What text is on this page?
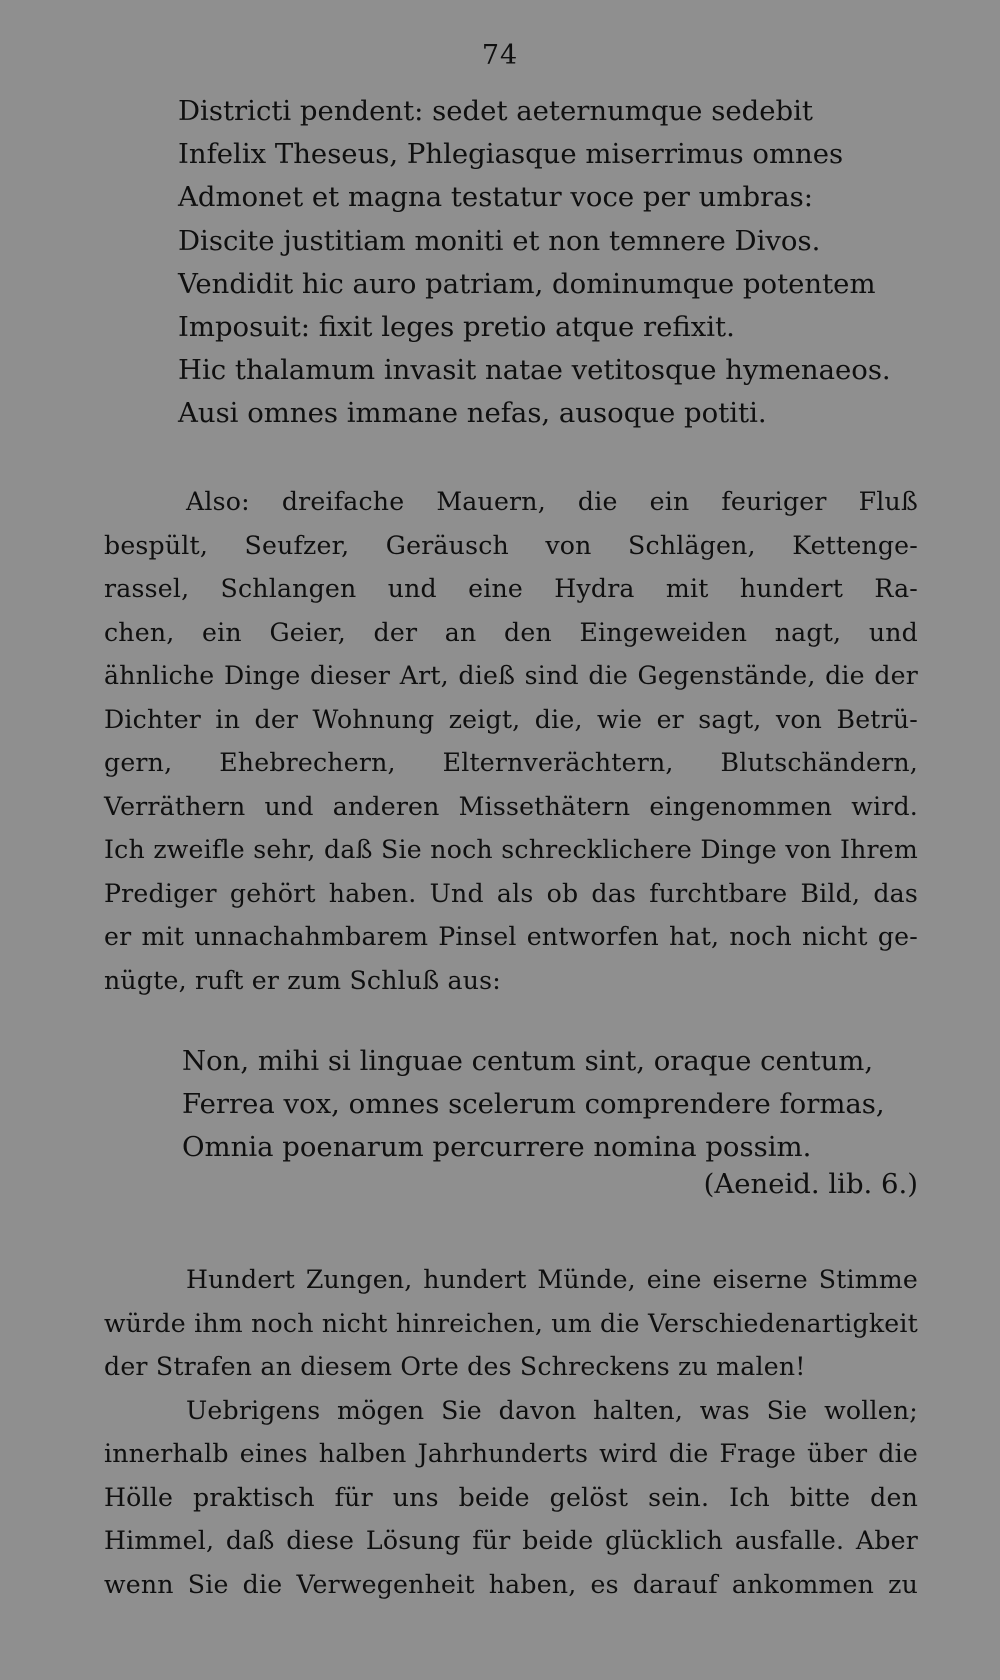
74
Districti pendent: sedet aeternumque sedebit
Infelix Theseus, Phlegiasque miserrimus omnes
Admonet et magna testatur voce per umbras:
Discite justitiam moniti et non temnere Divos.
Vendidit hic auro patriam, dominumque potentem
Imposuit: fixit leges pretio atque refixit.
Hic thalamum invasit natae vetitosque hymenaeos.
Ausi omnes immane nefas, ausoque potiti.
Also: dreifache Mauern, die ein feuriger Fluß
bespült, Seufzer, Geräusch von Schlägen, Kettenge-
rassel, Schlangen und eine Hydra mit hundert Ra-
chen, ein Geier, der an den Eingeweiden nagt, und
ähnliche Dinge dieser Art, dieß sind die Gegenstände, die der
Dichter in der Wohnung zeigt, die, wie er sagt, von Betrü-
gern, Ehebrechern, Elternverächtern, Blutschändern,
Verräthern und anderen Missethätern eingenommen wird.
Ich zweifle sehr, daß Sie noch schrecklichere Dinge von Ihrem
Prediger gehört haben. Und als ob das furchtbare Bild, das
er mit unnachahmbarem Pinsel entworfen hat, noch nicht ge-
nügte, ruft er zum Schluß aus:
Non, mihi si linguae centum sint, oraque centum,
Ferrea vox, omnes scelerum comprendere formas,
Omnia poenarum percurrere nomina possim.
(Aeneid. lib. 6.)
Hundert Zungen, hundert Münde, eine eiserne Stimme
würde ihm noch nicht hinreichen, um die Verschiedenartigkeit
der Strafen an diesem Orte des Schreckens zu malen!
Uebrigens mögen Sie davon halten, was Sie wollen;
innerhalb eines halben Jahrhunderts wird die Frage über die
Hölle praktisch für uns beide gelöst sein. Ich bitte den
Himmel, daß diese Lösung für beide glücklich ausfalle. Aber
wenn Sie die Verwegenheit haben, es darauf ankommen zu
